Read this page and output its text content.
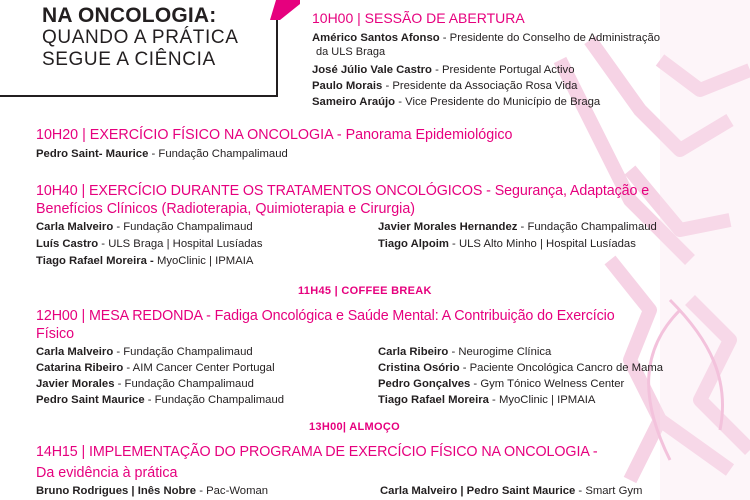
NA ONCOLOGIA:
QUANDO A PRÁTICA
SEGUE A CIÊNCIA
10H00 | SESSÃO DE ABERTURA
Américo Santos Afonso - Presidente do Conselho de Administração
da ULS Braga
José Júlio Vale Castro - Presidente Portugal Activo
Paulo Morais - Presidente da Associação Rosa Vida
Sameiro Araújo - Vice Presidente do Município de Braga
10H20 | EXERCÍCIO FÍSICO NA ONCOLOGIA - Panorama Epidemiológico
Pedro Saint- Maurice - Fundação Champalimaud
10H40 | EXERCÍCIO DURANTE OS TRATAMENTOS ONCOLÓGICOS - Segurança, Adaptação e
Benefícios Clínicos (Radioterapia, Quimioterapia e Cirurgia)
Carla Malveiro - Fundação Champalimaud
Luís Castro - ULS Braga | Hospital Lusíadas
Tiago Rafael Moreira - MyoClinic | IPMAIA
Javier Morales Hernandez - Fundação Champalimaud
Tiago Alpoim - ULS Alto Minho | Hospital Lusíadas
11H45 | COFFEE BREAK
12H00 | MESA REDONDA - Fadiga Oncológica e Saúde Mental: A Contribuição do Exercício
Físico
Carla Malveiro - Fundação Champalimaud
Catarina Ribeiro - AIM Cancer Center Portugal
Javier Morales - Fundação Champalimaud
Pedro Saint Maurice - Fundação Champalimaud
Carla Ribeiro - Neurogime Clínica
Cristina Osório - Paciente Oncológica Cancro de Mama
Pedro Gonçalves - Gym Tónico Welness Center
Tiago Rafael Moreira - MyoClinic | IPMAIA
13H00| ALMOÇO
14H15 | IMPLEMENTAÇÃO DO PROGRAMA DE EXERCÍCIO FÍSICO NA ONCOLOGIA -
Da evidência à prática
Bruno Rodrigues | Inês Nobre - Pac-Woman	Carla Malveiro | Pedro Saint Maurice - Smart Gym
